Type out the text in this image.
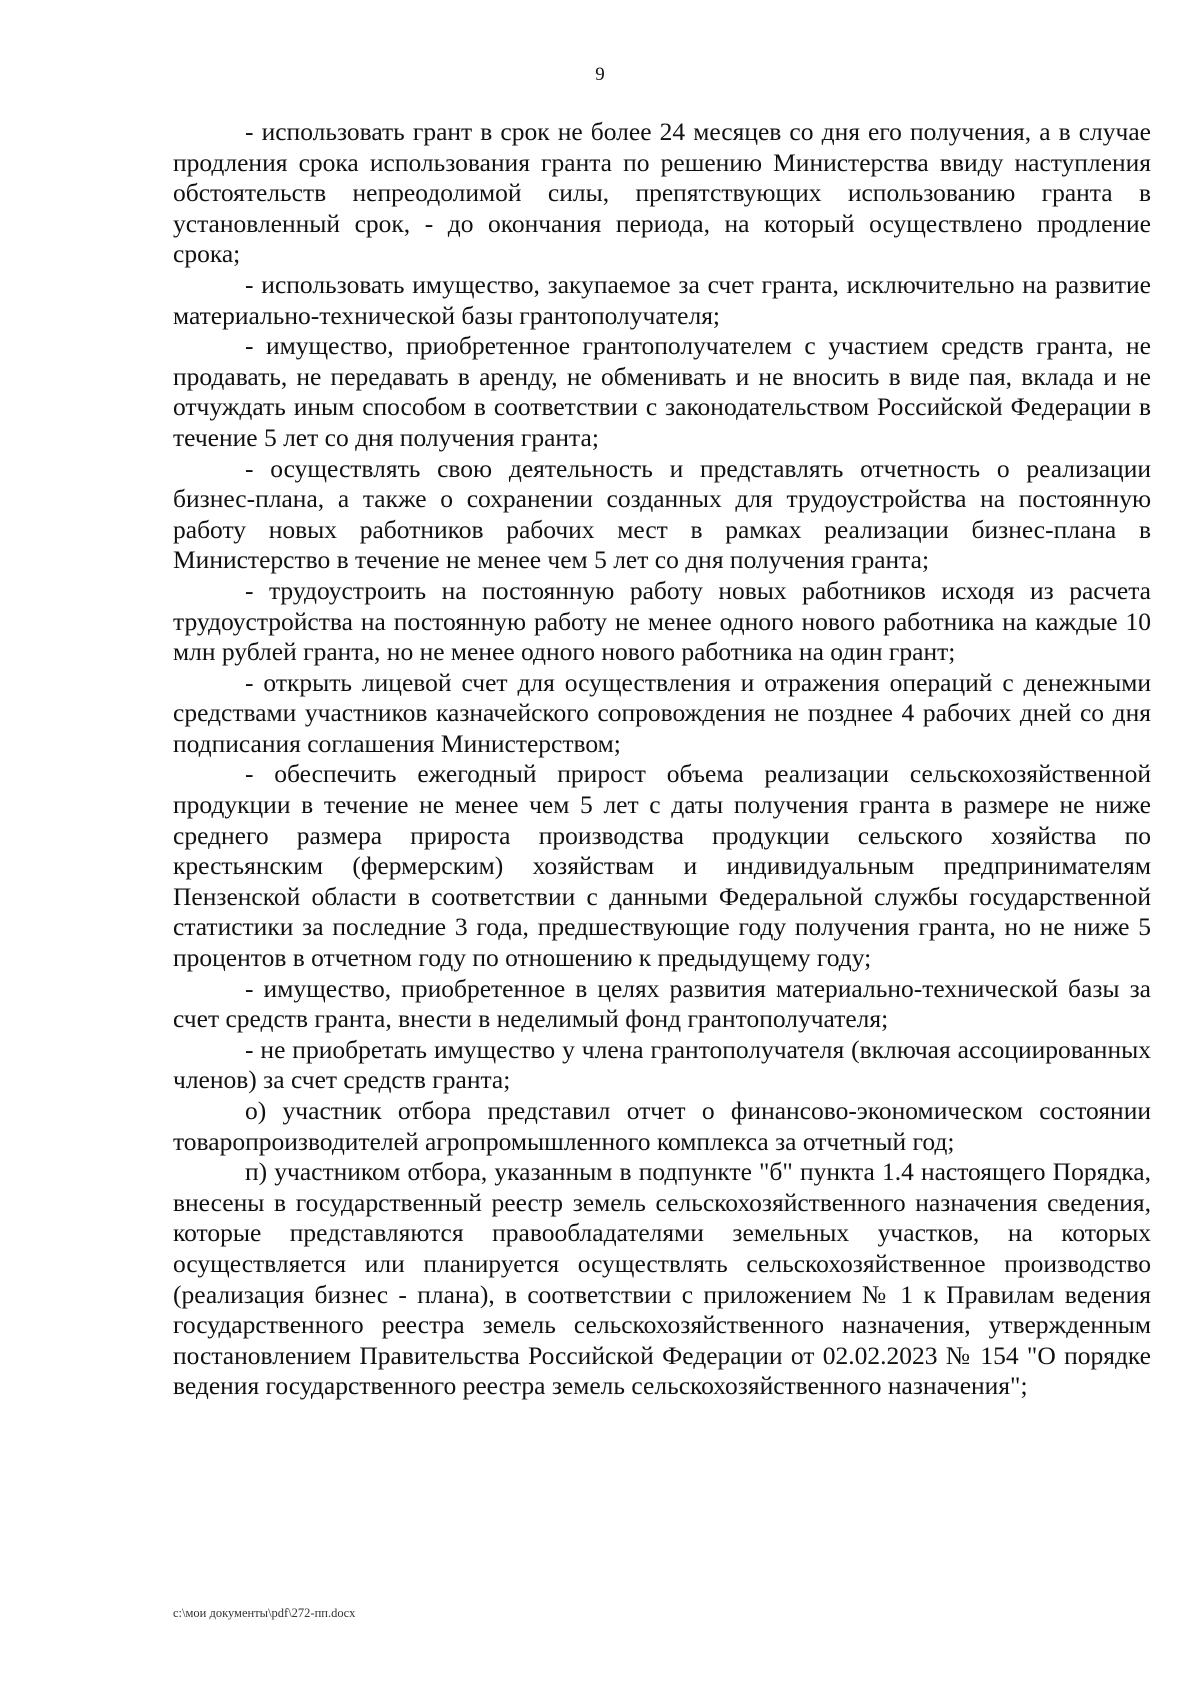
9

- использовать грант в срок не более 24 месяцев со дня его получения, а в случае продления срока использования гранта по решению Министерства ввиду наступления обстоятельств непреодолимой силы, препятствующих использованию гранта в установленный срок, - до окончания периода, на который осуществлено продление срока;

- использовать имущество, закупаемое за счет гранта, исключительно на развитие материально-технической базы грантополучателя;

- имущество, приобретенное грантополучателем с участием средств гранта, не продавать, не передавать в аренду, не обменивать и не вносить в виде пая, вклада и не отчуждать иным способом в соответствии с законодательством Российской Федерации в течение 5 лет со дня получения гранта;

- осуществлять свою деятельность и представлять отчетность о реализации бизнес-плана, а также о сохранении созданных для трудоустройства на постоянную работу новых работников рабочих мест в рамках реализации бизнес-плана в Министерство в течение не менее чем 5 лет со дня получения гранта;

- трудоустроить на постоянную работу новых работников исходя из расчета трудоустройства на постоянную работу не менее одного нового работника на каждые 10 млн рублей гранта, но не менее одного нового работника на один грант;

- открыть лицевой счет для осуществления и отражения операций с денежными средствами участников казначейского сопровождения не позднее 4 рабочих дней со дня подписания соглашения Министерством;

- обеспечить ежегодный прирост объема реализации сельскохозяйственной продукции в течение не менее чем 5 лет с даты получения гранта в размере не ниже среднего размера прироста производства продукции сельского хозяйства по крестьянским (фермерским) хозяйствам и индивидуальным предпринимателям Пензенской области в соответствии с данными Федеральной службы государственной статистики за последние 3 года, предшествующие году получения гранта, но не ниже 5 процентов в отчетном году по отношению к предыдущему году;

- имущество, приобретенное в целях развития материально-технической базы за счет средств гранта, внести в неделимый фонд грантополучателя;

- не приобретать имущество у члена грантополучателя (включая ассоциированных членов) за счет средств гранта;

о) участник отбора представил отчет о финансово-экономическом состоянии товаропроизводителей агропромышленного комплекса за отчетный год;

п) участником отбора, указанным в подпункте "б" пункта 1.4 настоящего Порядка, внесены в государственный реестр земель сельскохозяйственного назначения сведения, которые представляются правообладателями земельных участков, на которых осуществляется или планируется осуществлять сельскохозяйственное производство (реализация бизнес - плана), в соответствии с приложением № 1 к Правилам ведения государственного реестра земель сельскохозяйственного назначения, утвержденным постановлением Правительства Российской Федерации от 02.02.2023 № 154 "О порядке ведения государственного реестра земель сельскохозяйственного назначения";

c:\мои документы\pdf\272-пп.docx
